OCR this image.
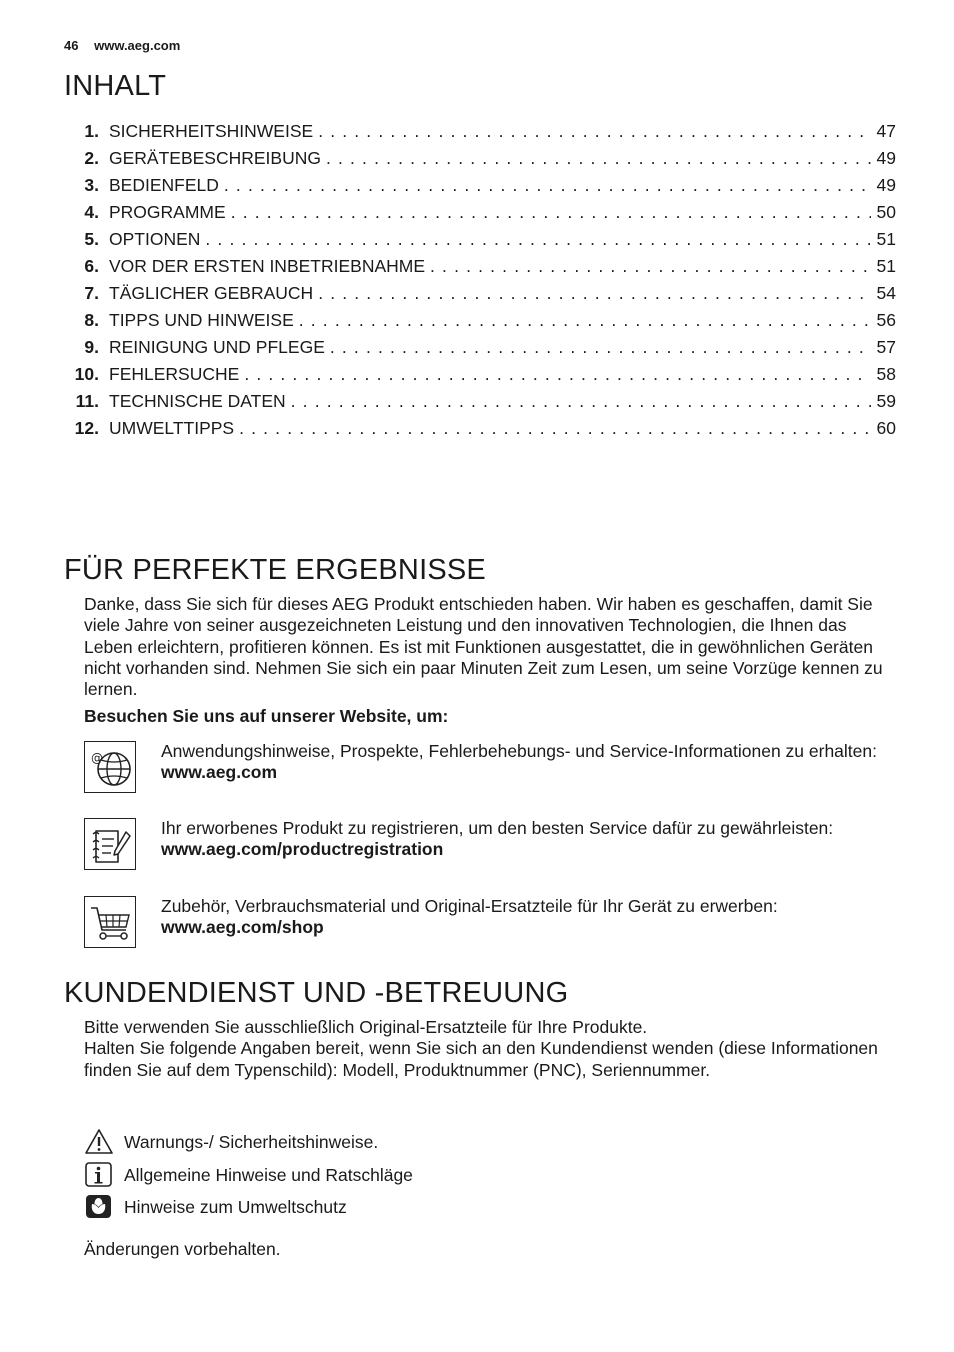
46 www.aeg.com
INHALT
1. SICHERHEITSHINWEISE . . .	47
2. GERÄTEBESCHREIBUNG . . .	49
3. BEDIENFELD . . .	49
4. PROGRAMME . . .	50
5. OPTIONEN . . .	51
6. VOR DER ERSTEN INBETRIEBNAHME . . .	51
7. TÄGLICHER GEBRAUCH . . .	54
8. TIPPS UND HINWEISE . . .	56
9. REINIGUNG UND PFLEGE . . .	57
10. FEHLERSUCHE . . .	58
11. TECHNISCHE DATEN . . .	59
12. UMWELTTIPPS . . .	60
FÜR PERFEKTE ERGEBNISSE

Danke, dass Sie sich für dieses AEG Produkt entschieden haben. Wir haben es geschaffen, damit Sie viele Jahre von seiner ausgezeichneten Leistung und den innovativen Technologien, die Ihnen das Leben erleichtern, profitieren können. Es ist mit Funktionen ausgestattet, die in gewöhnlichen Geräten nicht vorhanden sind. Nehmen Sie sich ein paar Minuten Zeit zum Lesen, um seine Vorzüge kennen zu lernen.

Besuchen Sie uns auf unserer Website, um:

@	Anwendungshinweise, Prospekte, Fehlerbehebungs- und Service-Informationen zu erhalten:
www.aeg.com
Ihr erworbenes Produkt zu registrieren, um den besten Service dafür zu gewährleisten:
www.aeg.com/productregistration
Zubehör, Verbrauchsmaterial und Original-Ersatzteile für Ihr Gerät zu erwerben:
www.aeg.com/shop
KUNDENDIENST UND -BETREUUNG
Bitte verwenden Sie ausschließlich Original-Ersatzteile für Ihre Produkte.
Halten Sie folgende Angaben bereit, wenn Sie sich an den Kundendienst wenden (diese Informationen finden Sie auf dem Typenschild): Modell, Produktnummer (PNC), Seriennummer.
Warnungs-/ Sicherheitshinweise.
Allgemeine Hinweise und Ratschläge
Hinweise zum Umweltschutz

Änderungen vorbehalten.
